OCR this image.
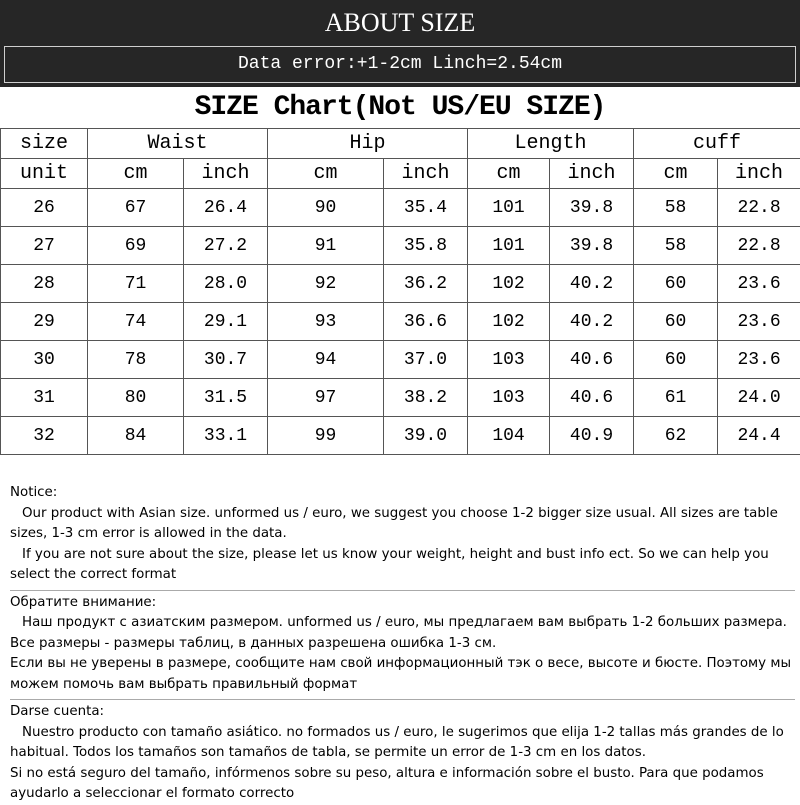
ABOUT SIZE
Data error:+1-2cm Linch=2.54cm
SIZE Chart(Not US/EU SIZE)
size	Waist		Hip		Length		cuff	
unit	cm	inch	cm	inch	cm	inch	cm	inch
26	67	26.4	90	35.4	101	39.8	58	22.8
27	69	27.2	91	35.8	101	39.8	58	22.8
28	71	28.0	92	36.2	102	40.2	60	23.6
29	74	29.1	93	36.6	102	40.2	60	23.6
30	78	30.7	94	37.0	103	40.6	60	23.6
31	80	31.5	97	38.2	103	40.6	61	24.0
32	84	33.1	99	39.0	104	40.9	62	24.4

Notice:

Our product with Asian size. unformed us / euro, we suggest you choose 1-2 bigger size usual. All sizes are table sizes, 1-3 cm error is allowed in the data.

If you are not sure about the size, please let us know your weight, height and bust info ect. So we can help you select the correct format

Обратите внимание:

Наш продукт с азиатским размером. unformed us / euro, мы предлагаем вам выбрать 1-2 больших размера. Все размеры - размеры таблиц, в данных разрешена ошибка 1-3 см.

Если вы не уверены в размере, сообщите нам свой информационный тэк о весе, высоте и бюсте. Поэтому мы можем помочь вам выбрать правильный формат

Darse cuenta:

Nuestro producto con tamaño asiático. no formados us / euro, le sugerimos que elija 1-2 tallas más grandes de lo habitual. Todos los tamaños son tamaños de tabla, se permite un error de 1-3 cm en los datos.

Si no está seguro del tamaño, infórmenos sobre su peso, altura e información sobre el busto. Para que podamos ayudarlo a seleccionar el formato correcto
